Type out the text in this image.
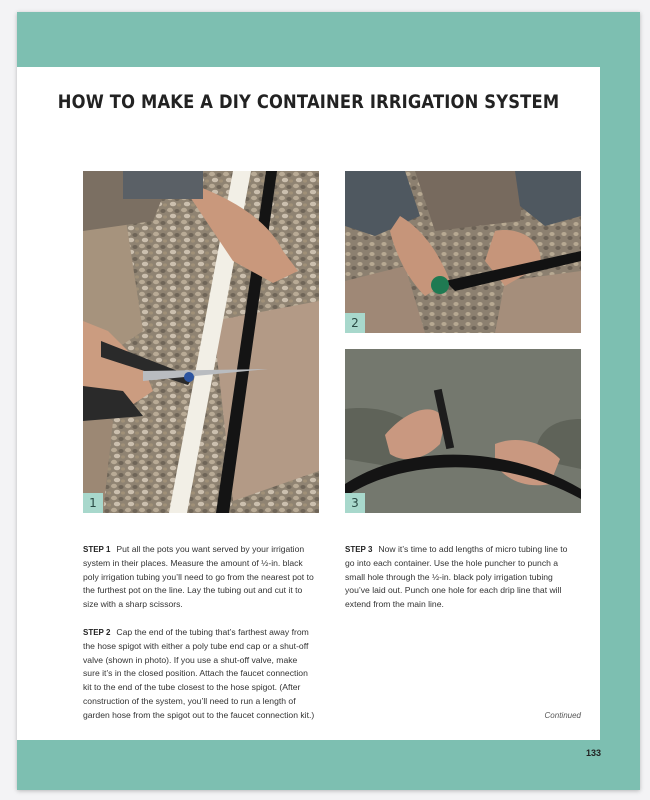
HOW TO MAKE A DIY CONTAINER IRRIGATION SYSTEM
1
2
3

STEP 1 Put all the pots you want served by your irrigation system in their places. Measure the amount of ½-in. black poly irrigation tubing you’ll need to go from the nearest pot to the furthest pot on the line. Lay the tubing out and cut it to size with a sharp scissors.

STEP 2 Cap the end of the tubing that’s farthest away from the hose spigot with either a poly tube end cap or a shut-off valve (shown in photo). If you use a shut-off valve, make sure it’s in the closed position. Attach the faucet connection kit to the end of the tube closest to the hose spigot. (After construction of the system, you’ll need to run a length of garden hose from the spigot out to the faucet connection kit.)

STEP 3 Now it’s time to add lengths of micro tubing line to go into each container. Use the hole puncher to punch a small hole through the ½-in. black poly irrigation tubing you’ve laid out. Punch one hole for each drip line that will extend from the main line.

Continued
133
